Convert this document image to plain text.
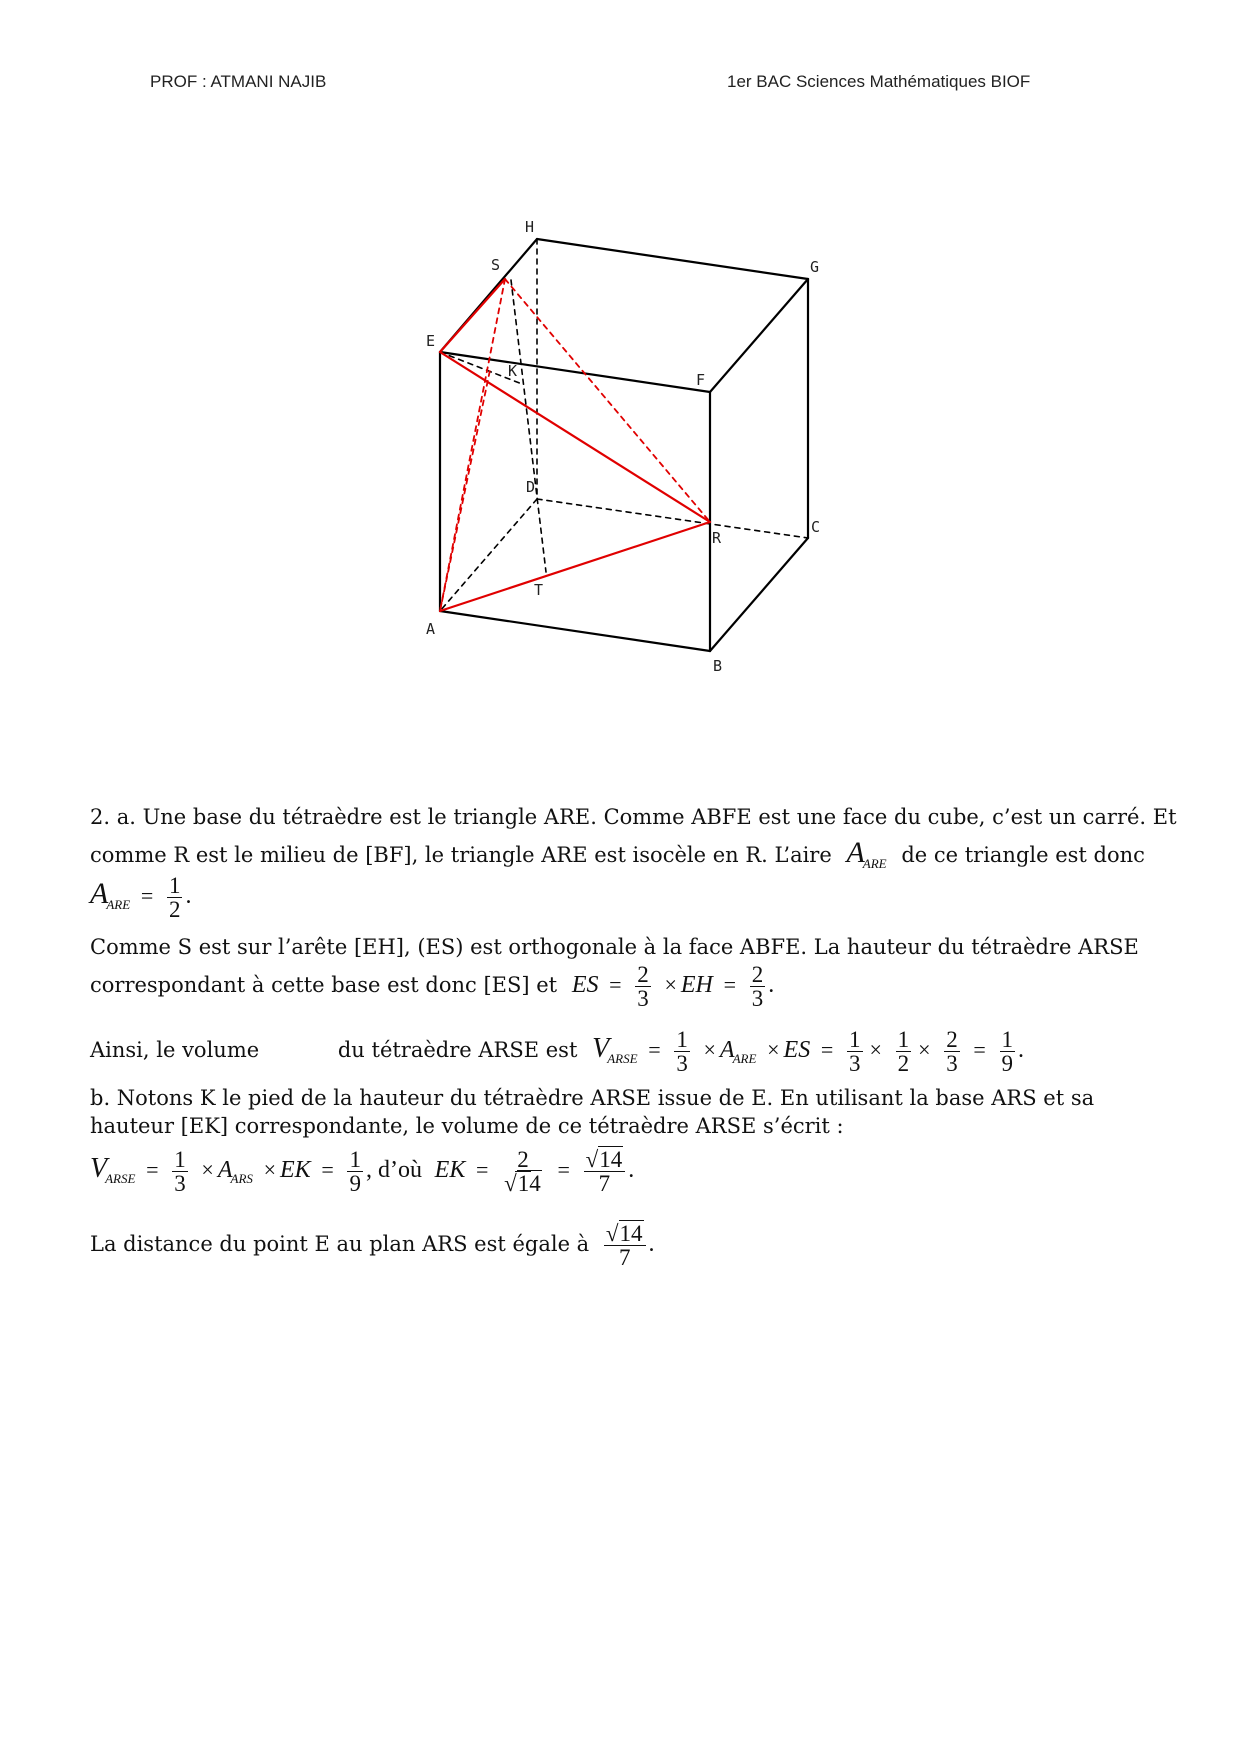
PROF : ATMANI NAJIB	1er BAC Sciences Mathématiques BIOF
H
S	G
E
K	F
D
R
C
T
A
B
2. a. Une base du tétraèdre est le triangle ARE. Comme ABFE est une face du cube, c’est un carré. Et
comme R est le milieu de [BF], le triangle ARE est isocèle en R. L’aire $A_{ARE}$ de ce triangle est donc
$A_{ARE} = \frac{1}{2}$ .
Comme S est sur l’arête [EH], (ES) est orthogonale à la face ABFE. La hauteur du tétraèdre ARSE
correspondant à cette base est donc [ES] et ES = $\frac{2}{3}$ × EH = $\frac{2}{3}$ .
Ainsi, le volume	du tétraèdre ARSE est $V_{ARSE} = \frac{1}{3} \times A_{ARE}$ × ES = $\frac{1}{3} \times \frac{1}{2} \times \frac{2}{3} = \frac{1}{9}$ .
b. Notons K le pied de la hauteur du tétraèdre ARSE issue de E. En utilisant la base ARS et sa
hauteur [EK] correspondante, le volume de ce tétraèdre ARSE s’écrit :
$V_{ARSE} = \frac{1}{3} \times A_{ARS}$ × EK = $\frac{1}{9}$ , d’où EK = $\frac{2}{√14} = \frac{√14}{7}$ .
La distance du point E au plan ARS est égale à $\frac{√14}{7}$ .
